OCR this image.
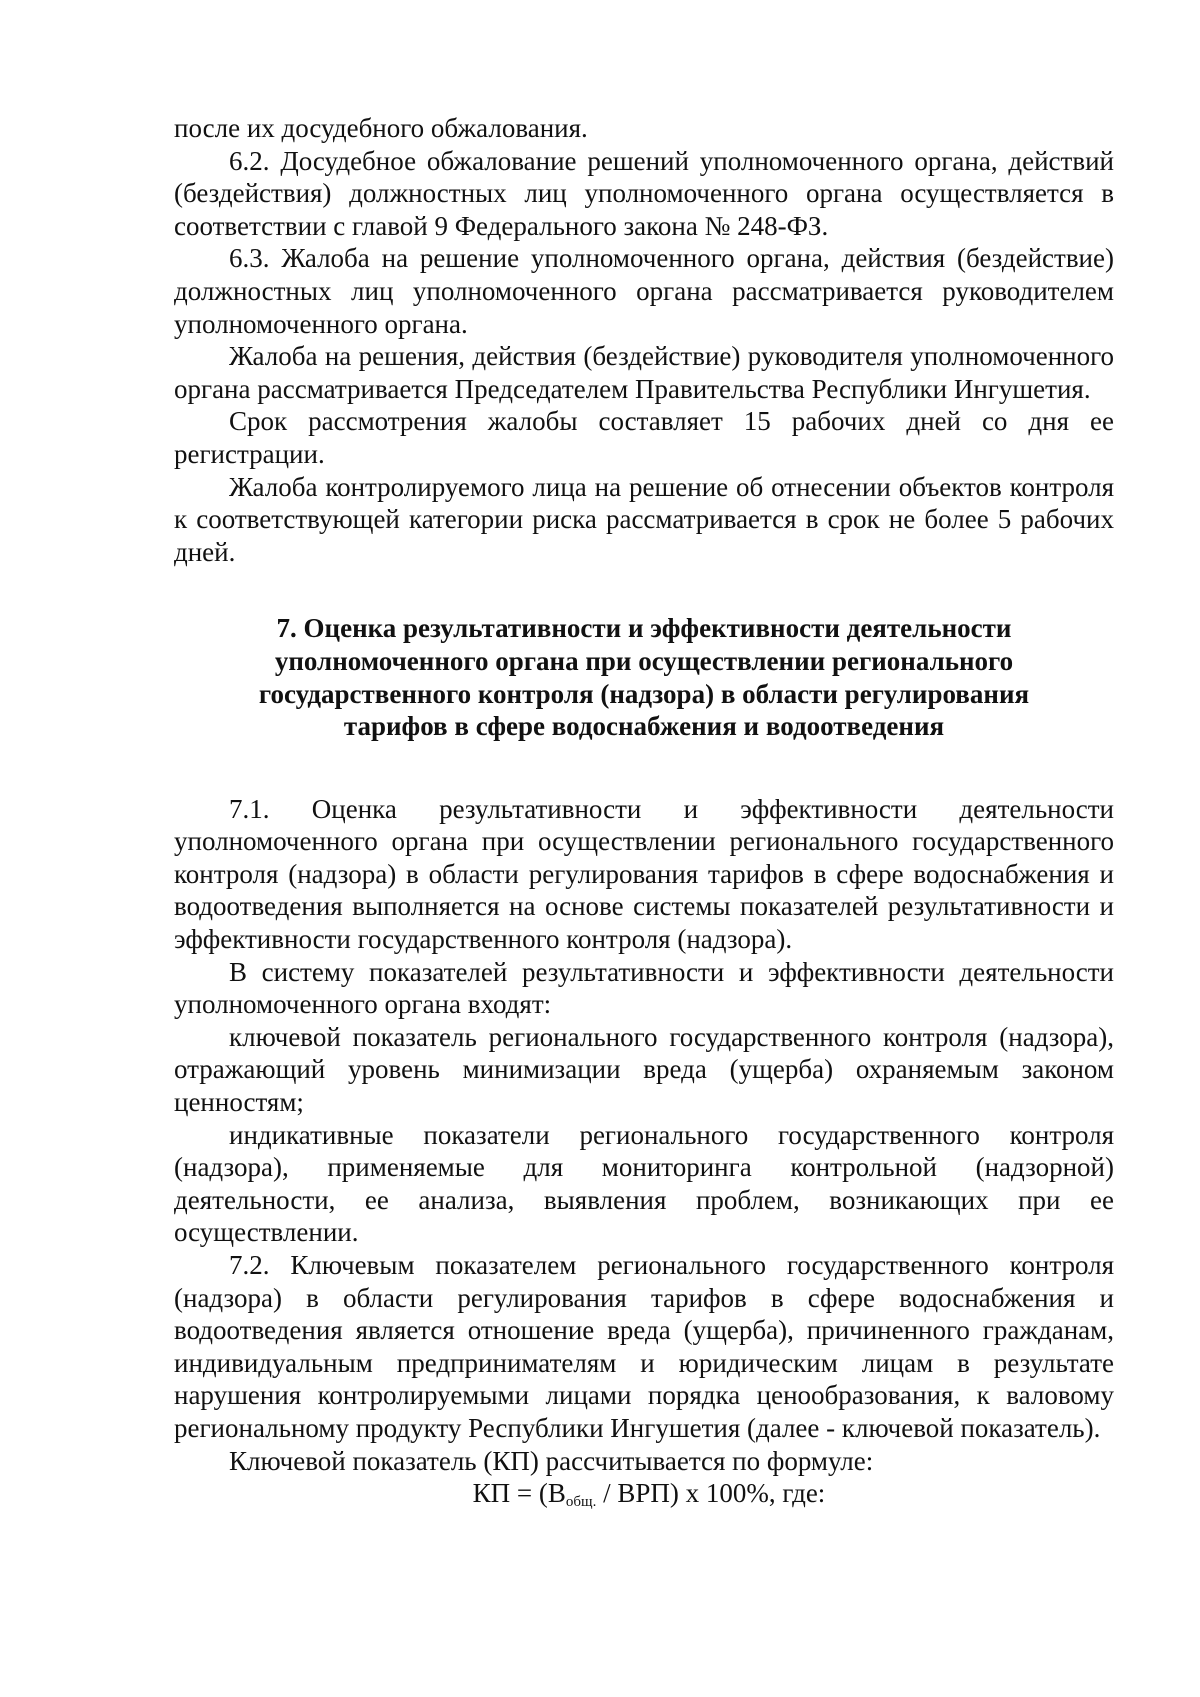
после их досудебного обжалования.

6.2. Досудебное обжалование решений уполномоченного органа, действий (бездействия) должностных лиц уполномоченного органа осуществляется в соответствии с главой 9 Федерального закона № 248-ФЗ.

6.3. Жалоба на решение уполномоченного органа, действия (бездействие) должностных лиц уполномоченного органа рассматривается руководителем уполномоченного органа.

Жалоба на решения, действия (бездействие) руководителя уполномоченного органа рассматривается Председателем Правительства Республики Ингушетия.

Срок рассмотрения жалобы составляет 15 рабочих дней со дня ее регистрации.

Жалоба контролируемого лица на решение об отнесении объектов контроля к соответствующей категории риска рассматривается в срок не более 5 рабочих дней.

7. Оценка результативности и эффективности деятельности
уполномоченного органа при осуществлении регионального
государственного контроля (надзора) в области регулирования
тарифов в сфере водоснабжения и водоотведения

7.1. Оценка результативности и эффективности деятельности уполномоченного органа при осуществлении регионального государственного контроля (надзора) в области регулирования тарифов в сфере водоснабжения и водоотведения выполняется на основе системы показателей результативности и эффективности государственного контроля (надзора).

В систему показателей результативности и эффективности деятельности уполномоченного органа входят:

ключевой показатель регионального государственного контроля (надзора), отражающий уровень минимизации вреда (ущерба) охраняемым законом ценностям;

индикативные показатели регионального государственного контроля (надзора), применяемые для мониторинга контрольной (надзорной) деятельности, ее анализа, выявления проблем, возникающих при ее осуществлении.

7.2. Ключевым показателем регионального государственного контроля (надзора) в области регулирования тарифов в сфере водоснабжения и водоотведения является отношение вреда (ущерба), причиненного гражданам, индивидуальным предпринимателям и юридическим лицам в результате нарушения контролируемыми лицами порядка ценообразования, к валовому региональному продукту Республики Ингушетия (далее - ключевой показатель).

Ключевой показатель (КП) рассчитывается по формуле:

КП = $(В_{общ.} / ВРП)$ х 100%, где:
